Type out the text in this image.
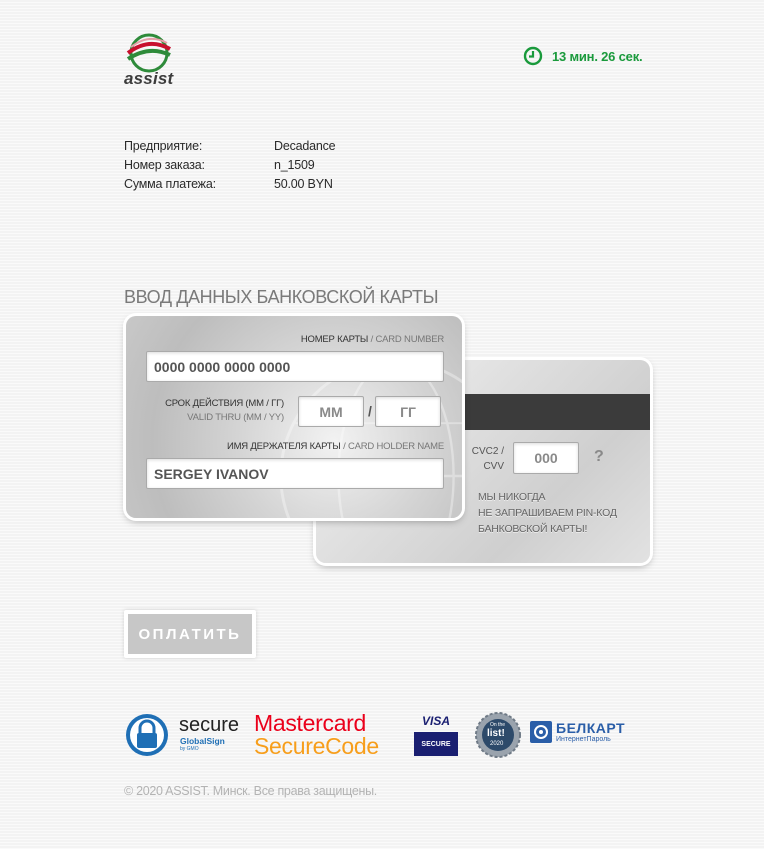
assist
13 мин. 26 сек.
Предприятие:	Decadance
Номер заказа:	n_1509
Сумма платежа:	50.00 BYN
ВВОД ДАННЫХ БАНКОВСКОЙ КАРТЫ
CVC2 /
CVV
000	?
МЫ НИКОГДА
НЕ ЗАПРАШИВАЕМ PIN-КОД
БАНКОВСКОЙ КАРТЫ!
НОМЕР КАРТЫ / CARD NUMBER
0000 0000 0000 0000
СРОК ДЕЙСТВИЯ (ММ / ГГ)
VALID THRU (MM / YY)	MM	/	ГГ
ИМЯ ДЕРЖАТЕЛЯ КАРТЫ / CARD HOLDER NAME
SERGEY IVANOV
ОПЛАТИТЬ
secure
GlobalSign
by GMO
Mastercard
SecureCode
VISA
SECURE
On the
list!
2020
БЕЛКАРТ
ИнтернетПароль
© 2020 ASSIST. Минск. Все права защищены.
